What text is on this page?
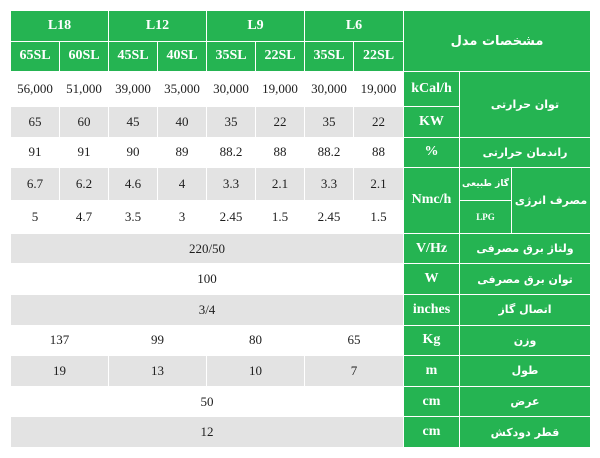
L18		L12		L9		L6		مشخصات مدل		
65SL	60SL	45SL	40SL	35SL	22SL	35SL	22SL			
56,000	51,000	39,000	35,000	30,000	19,000	30,000	19,000	kCal/h	توان حرارتی	
65	60	45	40	35	22	35	22	KW		
91	91	90	89	88.2	88	88.2	88	%	راندمان حرارتی	
6.7	6.2	4.6	4	3.3	2.1	3.3	2.1	Nmc/h	گاز طبیعی	مصرف انرژی
5	4.7	3.5	3	2.45	1.5	2.45	1.5		LPG	
220/50								V/Hz	ولتاژ برق مصرفی	
100								W	توان برق مصرفی	
3/4								inches	اتصال گاز	
137		99		80		65		Kg	وزن	
19		13		10		7		m	طول	
50								cm	عرض	
12								cm	قطر دودکش	
